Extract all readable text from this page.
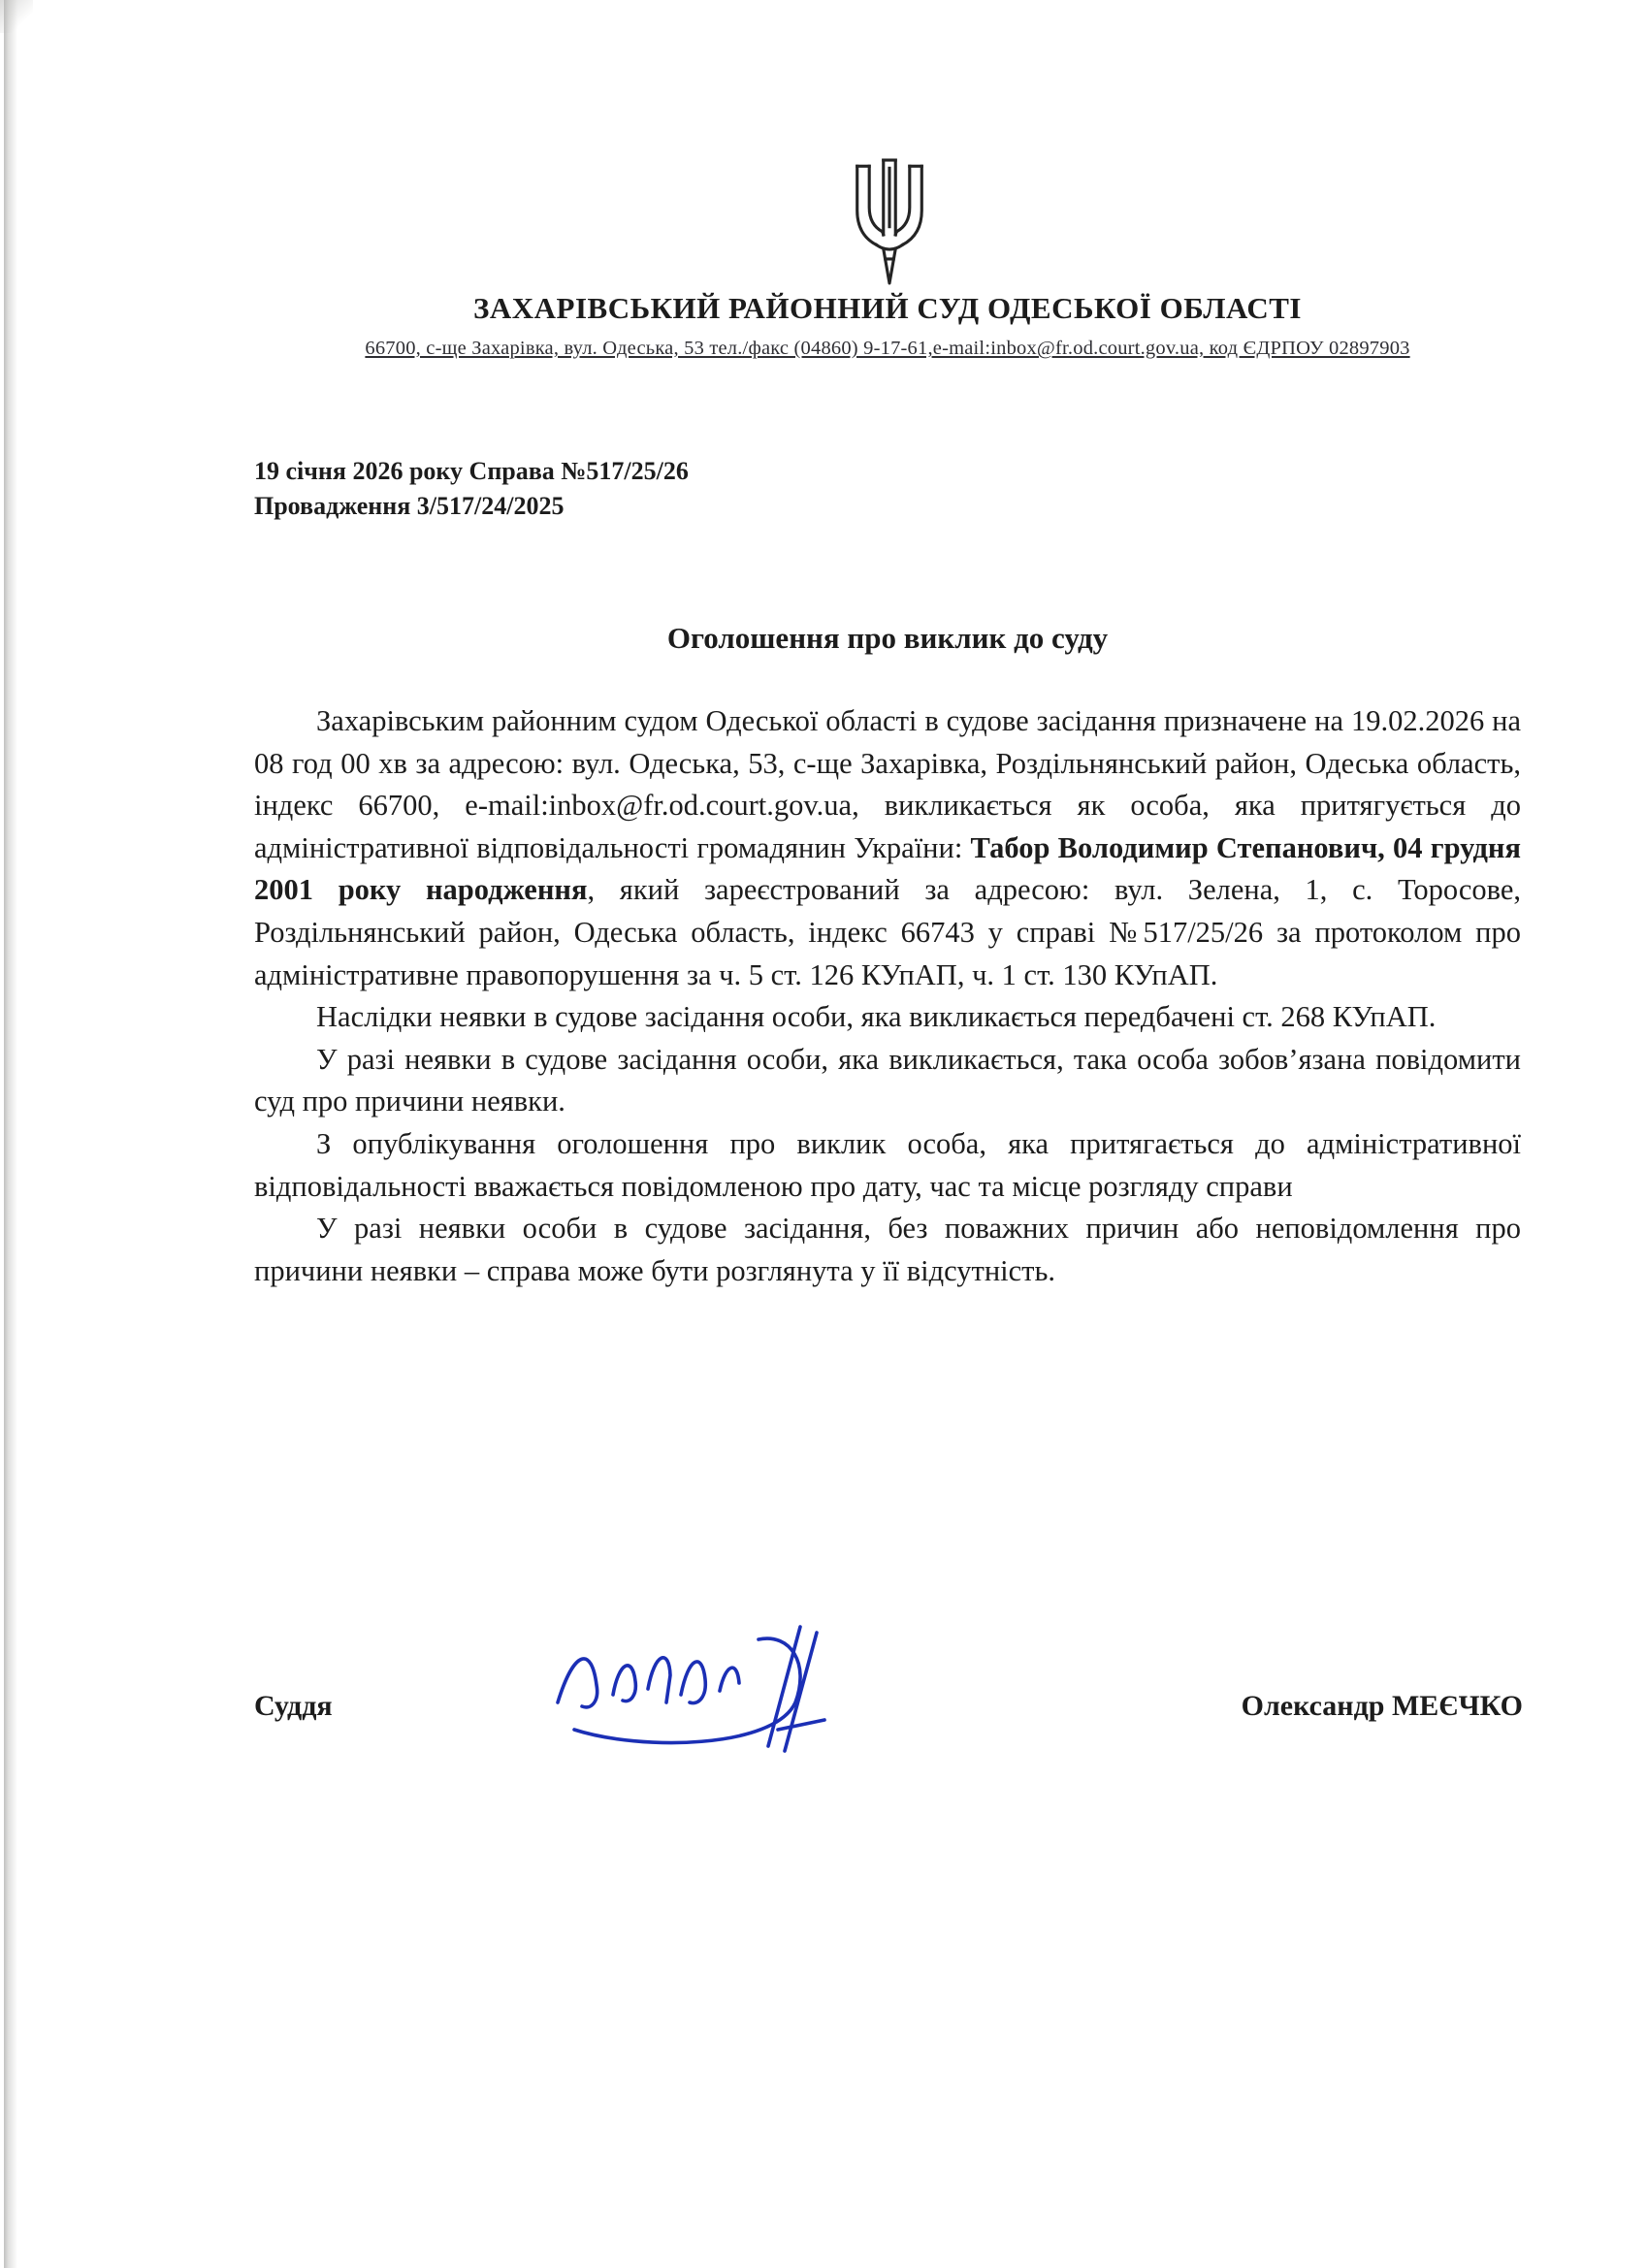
ЗАХАРІВСЬКИЙ РАЙОННИЙ СУД ОДЕСЬКОЇ ОБЛАСТІ
66700, с-ще Захарівка, вул. Одеська, 53 тел./факс (04860) 9-17-61,e-mail:inbox@fr.od.court.gov.ua, код ЄДРПОУ 02897903
19 січня 2026 року Справа №517/25/26
Провадження 3/517/24/2025
Оголошення про виклик до суду

Захарівським районним судом Одеської області в судове засідання призначене на 19.02.2026 на 08 год 00 хв за адресою: вул. Одеська, 53, с-ще Захарівка, Роздільнянський район, Одеська область, індекс 66700, e-mail:inbox@fr.od.court.gov.ua, викликається як особа, яка притягується до адміністративної відповідальності громадянин України: Табор Володимир Степанович, 04 грудня 2001 року народження, який зареєстрований за адресою: вул. Зелена, 1, с. Торосове, Роздільнянський район, Одеська область, індекс 66743 у справі №517/25/26 за протоколом про адміністративне правопорушення за ч. 5 ст. 126 КУпАП, ч. 1 ст. 130 КУпАП.

Наслідки неявки в судове засідання особи, яка викликається передбачені ст. 268 КУпАП.

У разі неявки в судове засідання особи, яка викликається, така особа зобов’язана повідомити суд про причини неявки.

З опублікування оголошення про виклик особа, яка притягається до адміністративної відповідальності вважається повідомленою про дату, час та місце розгляду справи

У разі неявки особи в судове засідання, без поважних причин або неповідомлення про причини неявки – справа може бути розглянута у її відсутність.

Суддя	Олександр МЕЄЧКО
